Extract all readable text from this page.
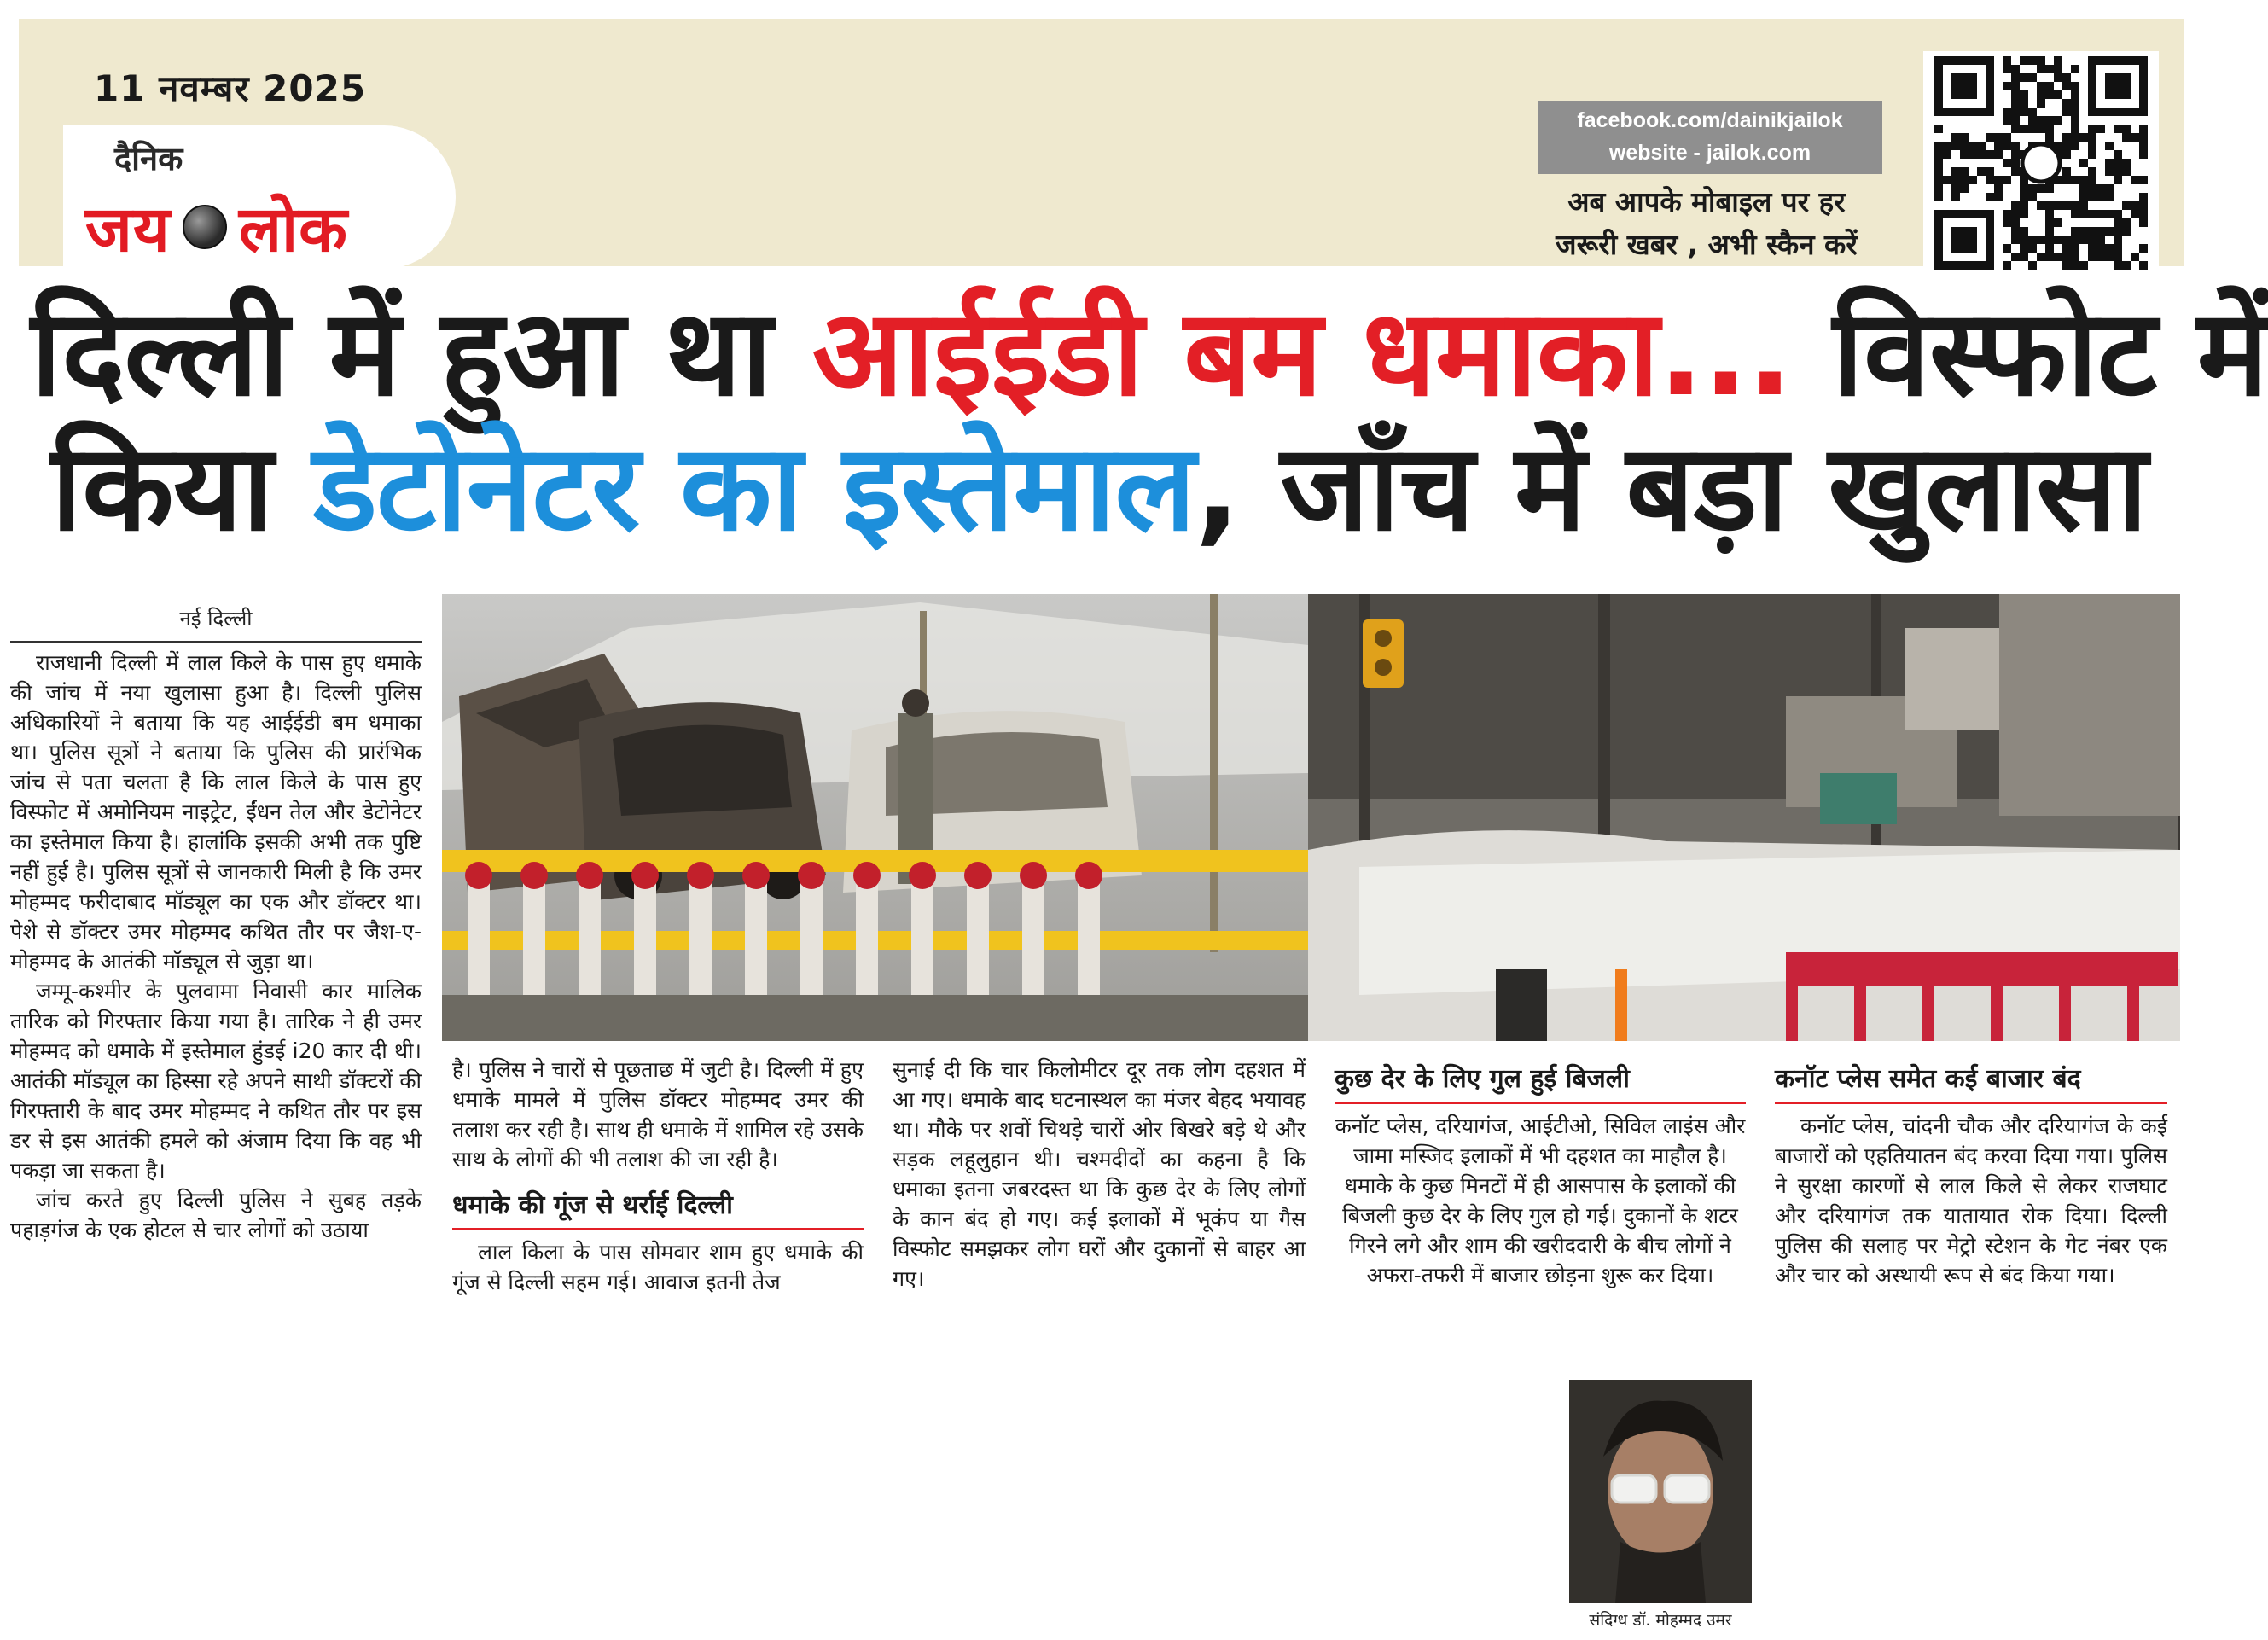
11 नवम्बर 2025
दैनिक
जय लोक
facebook.com/dainikjailok
website - jailok.com
अब आपके मोबाइल पर हर
जरूरी खबर , अभी स्कैन करें
दिल्ली में हुआ था आईईडी बम धमाका... विस्फोट में
किया डेटोनेटर का इस्तेमाल, जाँच में बड़ा खुलासा
नई दिल्ली

राजधानी दिल्ली में लाल किले के पास हुए धमाके की जांच में नया खुलासा हुआ है। दिल्ली पुलिस अधिकारियों ने बताया कि यह आईईडी बम धमाका था। पुलिस सूत्रों ने बताया कि पुलिस की प्रारंभिक जांच से पता चलता है कि लाल किले के पास हुए विस्फोट में अमोनियम नाइट्रेट, ईंधन तेल और डेटोनेटर का इस्तेमाल किया है। हालांकि इसकी अभी तक पुष्टि नहीं हुई है। पुलिस सूत्रों से जानकारी मिली है कि उमर मोहम्मद फरीदाबाद मॉड्यूल का एक और डॉक्टर था। पेशे से डॉक्टर उमर मोहम्मद कथित तौर पर जैश-ए-मोहम्मद के आतंकी मॉड्यूल से जुड़ा था।

जम्मू-कश्मीर के पुलवामा निवासी कार मालिक तारिक को गिरफ्तार किया गया है। तारिक ने ही उमर मोहम्मद को धमाके में इस्तेमाल हुंडई i20 कार दी थी। आतंकी मॉड्यूल का हिस्सा रहे अपने साथी डॉक्टरों की गिरफ्तारी के बाद उमर मोहम्मद ने कथित तौर पर इस डर से इस आतंकी हमले को अंजाम दिया कि वह भी पकड़ा जा सकता है।

जांच करते हुए दिल्ली पुलिस ने सुबह तड़के पहाड़गंज के एक होटल से चार लोगों को उठाया

संदिग्ध डॉ. मोहम्मद उमर

है। पुलिस ने चारों से पूछताछ में जुटी है। दिल्ली में हुए धमाके मामले में पुलिस डॉक्टर मोहम्मद उमर की तलाश कर रही है। साथ ही धमाके में शामिल रहे उसके साथ के लोगों की भी तलाश की जा रही है।

धमाके की गूंज से थर्राई दिल्ली

लाल किला के पास सोमवार शाम हुए धमाके की गूंज से दिल्ली सहम गई। आवाज इतनी तेज

सुनाई दी कि चार किलोमीटर दूर तक लोग दहशत में आ गए। धमाके बाद घटनास्थल का मंजर बेहद भयावह था। मौके पर शवों चिथड़े चारों ओर बिखरे बड़े थे और सड़क लहूलुहान थी। चश्मदीदों का कहना है कि धमाका इतना जबरदस्त था कि कुछ देर के लिए लोगों के कान बंद हो गए। कई इलाकों में भूकंप या गैस विस्फोट समझकर लोग घरों और दुकानों से बाहर आ गए।

कुछ देर के लिए गुल हुई बिजली

कनॉट प्लेस, दरियागंज, आईटीओ, सिविल लाइंस और जामा मस्जिद इलाकों में भी दहशत का माहौल है। धमाके के कुछ मिनटों में ही आसपास के इलाकों की बिजली कुछ देर के लिए गुल हो गई। दुकानों के शटर गिरने लगे और शाम की खरीददारी के बीच लोगों ने अफरा-तफरी में बाजार छोड़ना शुरू कर दिया।

कनॉट प्लेस समेत कई बाजार बंद

कनॉट प्लेस, चांदनी चौक और दरियागंज के कई बाजारों को एहतियातन बंद करवा दिया गया। पुलिस ने सुरक्षा कारणों से लाल किले से लेकर राजघाट और दरियागंज तक यातायात रोक दिया। दिल्ली पुलिस की सलाह पर मेट्रो स्टेशन के गेट नंबर एक और चार को अस्थायी रूप से बंद किया गया।
